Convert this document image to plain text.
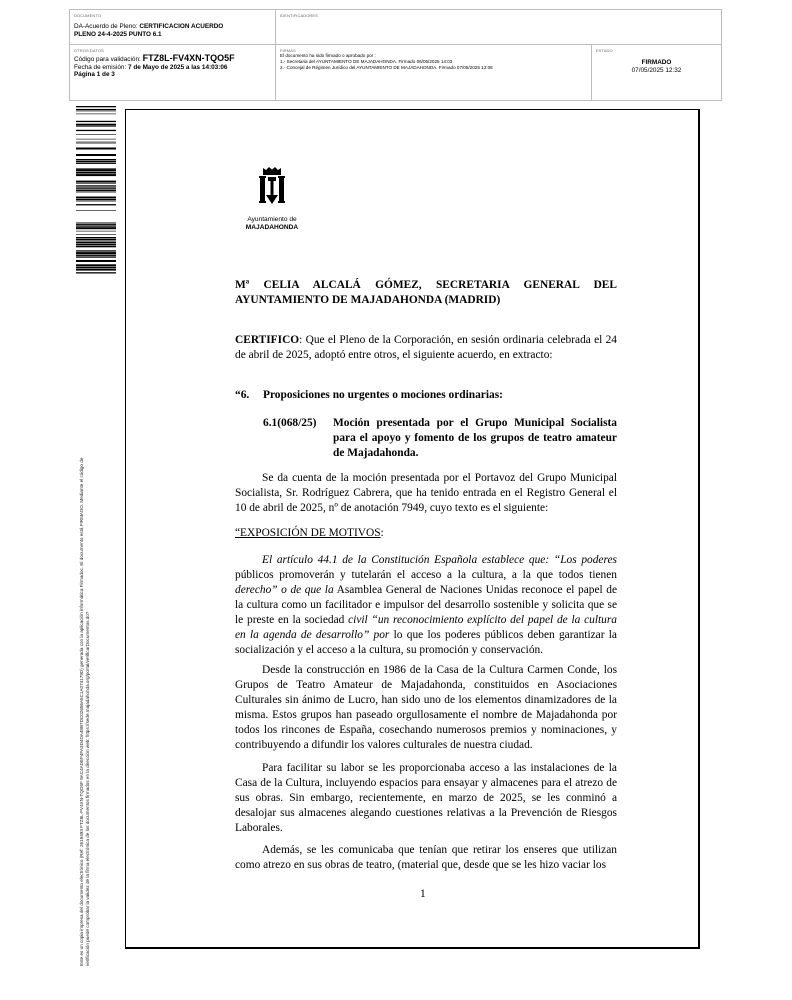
DOCUMENTO
DA-Acuerdo de Pleno: CERTIFICACION ACUERDO
PLENO 24-4-2025 PUNTO 6.1
IDENTIFICADORES
OTROS DATOS
Código para validación: FTZ8L-FV4XN-TQO5F
Fecha de emisión: 7 de Mayo de 2025 a las 14:03:06
Página 1 de 3
FIRMAS
El documento ha sido firmado o aprobado por :
1.- Secretaria del AYUNTAMIENTO DE MAJADAHONDA. Firmado 06/05/2025 14:03
2.- Concejal de Régimen Jurídico del AYUNTAMIENTO DE MAJADAHONDA. Firmado 07/05/2025 12:06
ESTADO
FIRMADO
07/05/2025 12:32
Este es un copia impresa del documento electrónico (Ref: 2619493 FTZ8L-FV4XN-TQO5F 9AC4ADEF4FA3D4DA48B7DC02656A5C1A074179D) generada con la aplicación informática Firmadoc. El documento está FIRMADO. Mediante el código de verificación puede comprobar la validez de la firma electrónica de los documentos firmados en la dirección web: https://sede.majadahonda.org/portal/verificarDocumentos.do?
Ayuntamiento de
MAJADAHONDA
Mª CELIA ALCALÁ GÓMEZ, SECRETARIA GENERAL DEL AYUNTAMIENTO DE MAJADAHONDA (MADRID)
CERTIFICO: Que el Pleno de la Corporación, en sesión ordinaria celebrada el 24 de abril de 2025, adoptó entre otros, el siguiente acuerdo, en extracto:
“6. Proposiciones no urgentes o mociones ordinarias:
6.1(068/25) Moción presentada por el Grupo Municipal Socialista para el apoyo y fomento de los grupos de teatro amateur de Majadahonda.
Se da cuenta de la moción presentada por el Portavoz del Grupo Municipal Socialista, Sr. Rodríguez Cabrera, que ha tenido entrada en el Registro General el 10 de abril de 2025, nº de anotación 7949, cuyo texto es el siguiente:
“EXPOSICIÓN DE MOTIVOS:
El artículo 44.1 de la Constitución Española establece que: “Los poderes públicos promoverán y tutelarán el acceso a la cultura, a la que todos tienen derecho” o de que la Asamblea General de Naciones Unidas reconoce el papel de la cultura como un facilitador e impulsor del desarrollo sostenible y solicita que se le preste en la sociedad civil “un reconocimiento explícito del papel de la cultura en la agenda de desarrollo” por lo que los poderes públicos deben garantizar la socialización y el acceso a la cultura, su promoción y conservación.
Desde la construcción en 1986 de la Casa de la Cultura Carmen Conde, los Grupos de Teatro Amateur de Majadahonda, constituidos en Asociaciones Culturales sin ánimo de Lucro, han sido uno de los elementos dinamizadores de la misma. Estos grupos han paseado orgullosamente el nombre de Majadahonda por todos los rincones de España, cosechando numerosos premios y nominaciones, y contribuyendo a difundir los valores culturales de nuestra ciudad.
Para facilitar su labor se les proporcionaba acceso a las instalaciones de la Casa de la Cultura, incluyendo espacios para ensayar y almacenes para el atrezo de sus obras. Sin embargo, recientemente, en marzo de 2025, se les conminó a desalojar sus almacenes alegando cuestiones relativas a la Prevención de Riesgos Laborales.
Además, se les comunicaba que tenían que retirar los enseres que utilizan como atrezo en sus obras de teatro, (material que, desde que se les hizo vaciar los
1
